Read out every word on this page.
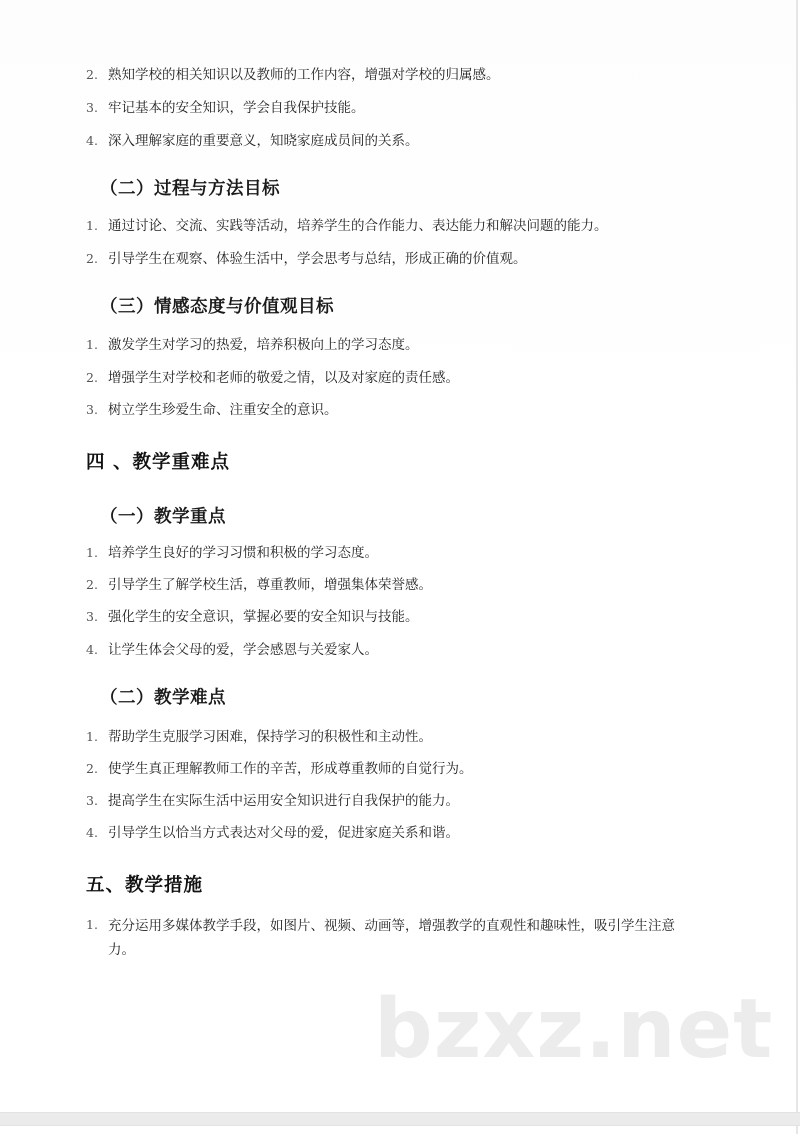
2. 熟知学校的相关知识以及教师的工作内容，增强对学校的归属感。
3. 牢记基本的安全知识，学会自我保护技能。
4. 深入理解家庭的重要意义，知晓家庭成员间的关系。
（二）过程与方法目标
1. 通过讨论、交流、实践等活动，培养学生的合作能力、表达能力和解决问题的能力。
2. 引导学生在观察、体验生活中，学会思考与总结，形成正确的价值观。
（三）情感态度与价值观目标
1. 激发学生对学习的热爱，培养积极向上的学习态度。
2. 增强学生对学校和老师的敬爱之情，以及对家庭的责任感。
3. 树立学生珍爱生命、注重安全的意识。
四 、教学重难点
（一）教学重点
1. 培养学生良好的学习习惯和积极的学习态度。
2. 引导学生了解学校生活，尊重教师，增强集体荣誉感。
3. 强化学生的安全意识，掌握必要的安全知识与技能。
4. 让学生体会父母的爱，学会感恩与关爱家人。
（二）教学难点
1. 帮助学生克服学习困难，保持学习的积极性和主动性。
2. 使学生真正理解教师工作的辛苦，形成尊重教师的自觉行为。
3. 提高学生在实际生活中运用安全知识进行自我保护的能力。
4. 引导学生以恰当方式表达对父母的爱，促进家庭关系和谐。
五、教学措施
1. 充分运用多媒体教学手段，如图片、视频、动画等，增强教学的直观性和趣味性，吸引学生注意力。
bzxz.net
